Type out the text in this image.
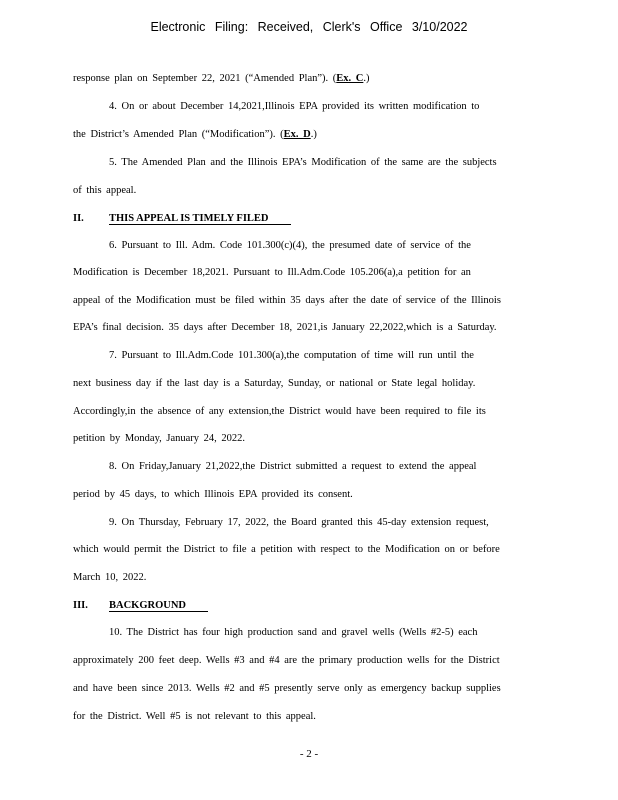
Electronic Filing: Received, Clerk's Office 3/10/2022
response plan on September 22, 2021 (“Amended Plan”). (Ex. C.)
4. On or about December 14,2021,Illinois EPA provided its written modification to
the District’s Amended Plan (“Modification”). (Ex. D.)
5. The Amended Plan and the Illinois EPA’s Modification of the same are the subjects
of this appeal.
II. THIS APPEAL IS TIMELY FILED
6. Pursuant to Ill. Adm. Code 101.300(c)(4), the presumed date of service of the
Modification is December 18,2021. Pursuant to Ill.Adm.Code 105.206(a),a petition for an
appeal of the Modification must be filed within 35 days after the date of service of the Illinois
EPA’s final decision. 35 days after December 18, 2021,is January 22,2022,which is a Saturday.
7. Pursuant to Ill.Adm.Code 101.300(a),the computation of time will run until the
next business day if the last day is a Saturday, Sunday, or national or State legal holiday.
Accordingly,in the absence of any extension,the District would have been required to file its
petition by Monday, January 24, 2022.
8. On Friday,January 21,2022,the District submitted a request to extend the appeal
period by 45 days, to which Illinois EPA provided its consent.
9. On Thursday, February 17, 2022, the Board granted this 45-day extension request,
which would permit the District to file a petition with respect to the Modification on or before
March 10, 2022.
III. BACKGROUND
10. The District has four high production sand and gravel wells (Wells #2-5) each
approximately 200 feet deep. Wells #3 and #4 are the primary production wells for the District
and have been since 2013. Wells #2 and #5 presently serve only as emergency backup supplies
for the District. Well #5 is not relevant to this appeal.
- 2 -
